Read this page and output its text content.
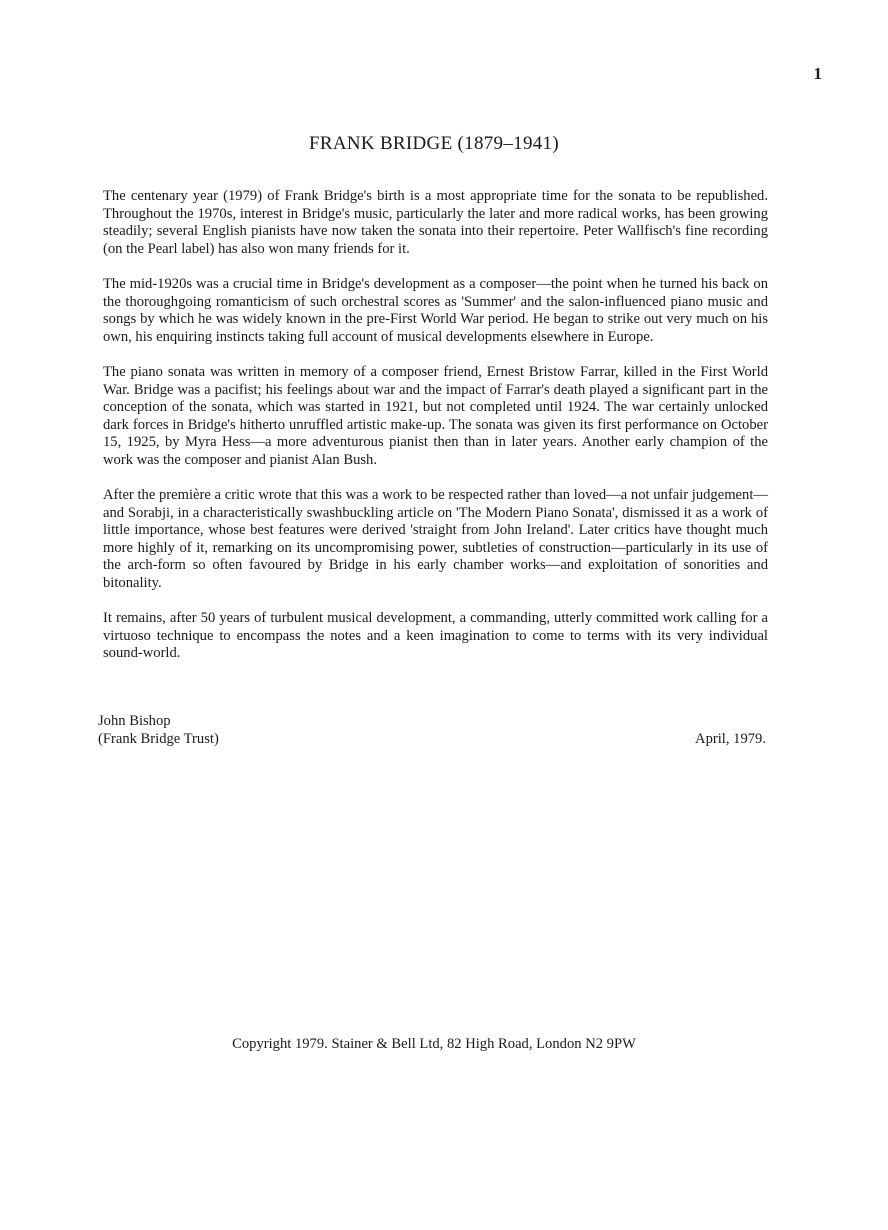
1
FRANK BRIDGE (1879–1941)

The centenary year (1979) of Frank Bridge's birth is a most appropriate time for the sonata to be republished. Throughout the 1970s, interest in Bridge's music, particularly the later and more radical works, has been growing steadily; several English pianists have now taken the sonata into their repertoire. Peter Wallfisch's fine recording (on the Pearl label) has also won many friends for it.

The mid-1920s was a crucial time in Bridge's development as a composer—the point when he turned his back on the thoroughgoing romanticism of such orchestral scores as 'Summer' and the salon-influenced piano music and songs by which he was widely known in the pre-First World War period. He began to strike out very much on his own, his enquiring instincts taking full account of musical developments elsewhere in Europe.

The piano sonata was written in memory of a composer friend, Ernest Bristow Farrar, killed in the First World War. Bridge was a pacifist; his feelings about war and the impact of Farrar's death played a significant part in the conception of the sonata, which was started in 1921, but not completed until 1924. The war certainly unlocked dark forces in Bridge's hitherto unruffled artistic make-up. The sonata was given its first performance on October 15, 1925, by Myra Hess—a more adventurous pianist then than in later years. Another early champion of the work was the composer and pianist Alan Bush.

After the première a critic wrote that this was a work to be respected rather than loved—a not unfair judgement—and Sorabji, in a characteristically swashbuckling article on 'The Modern Piano Sonata', dismissed it as a work of little importance, whose best features were derived 'straight from John Ireland'. Later critics have thought much more highly of it, remarking on its uncompromising power, subtleties of construction—particularly in its use of the arch-form so often favoured by Bridge in his early chamber works—and exploitation of sonorities and bitonality.

It remains, after 50 years of turbulent musical development, a commanding, utterly committed work calling for a virtuoso technique to encompass the notes and a keen imagination to come to terms with its very individual sound-world.

John Bishop
(Frank Bridge Trust)	April, 1979.
Copyright 1979. Stainer & Bell Ltd, 82 High Road, London N2 9PW
